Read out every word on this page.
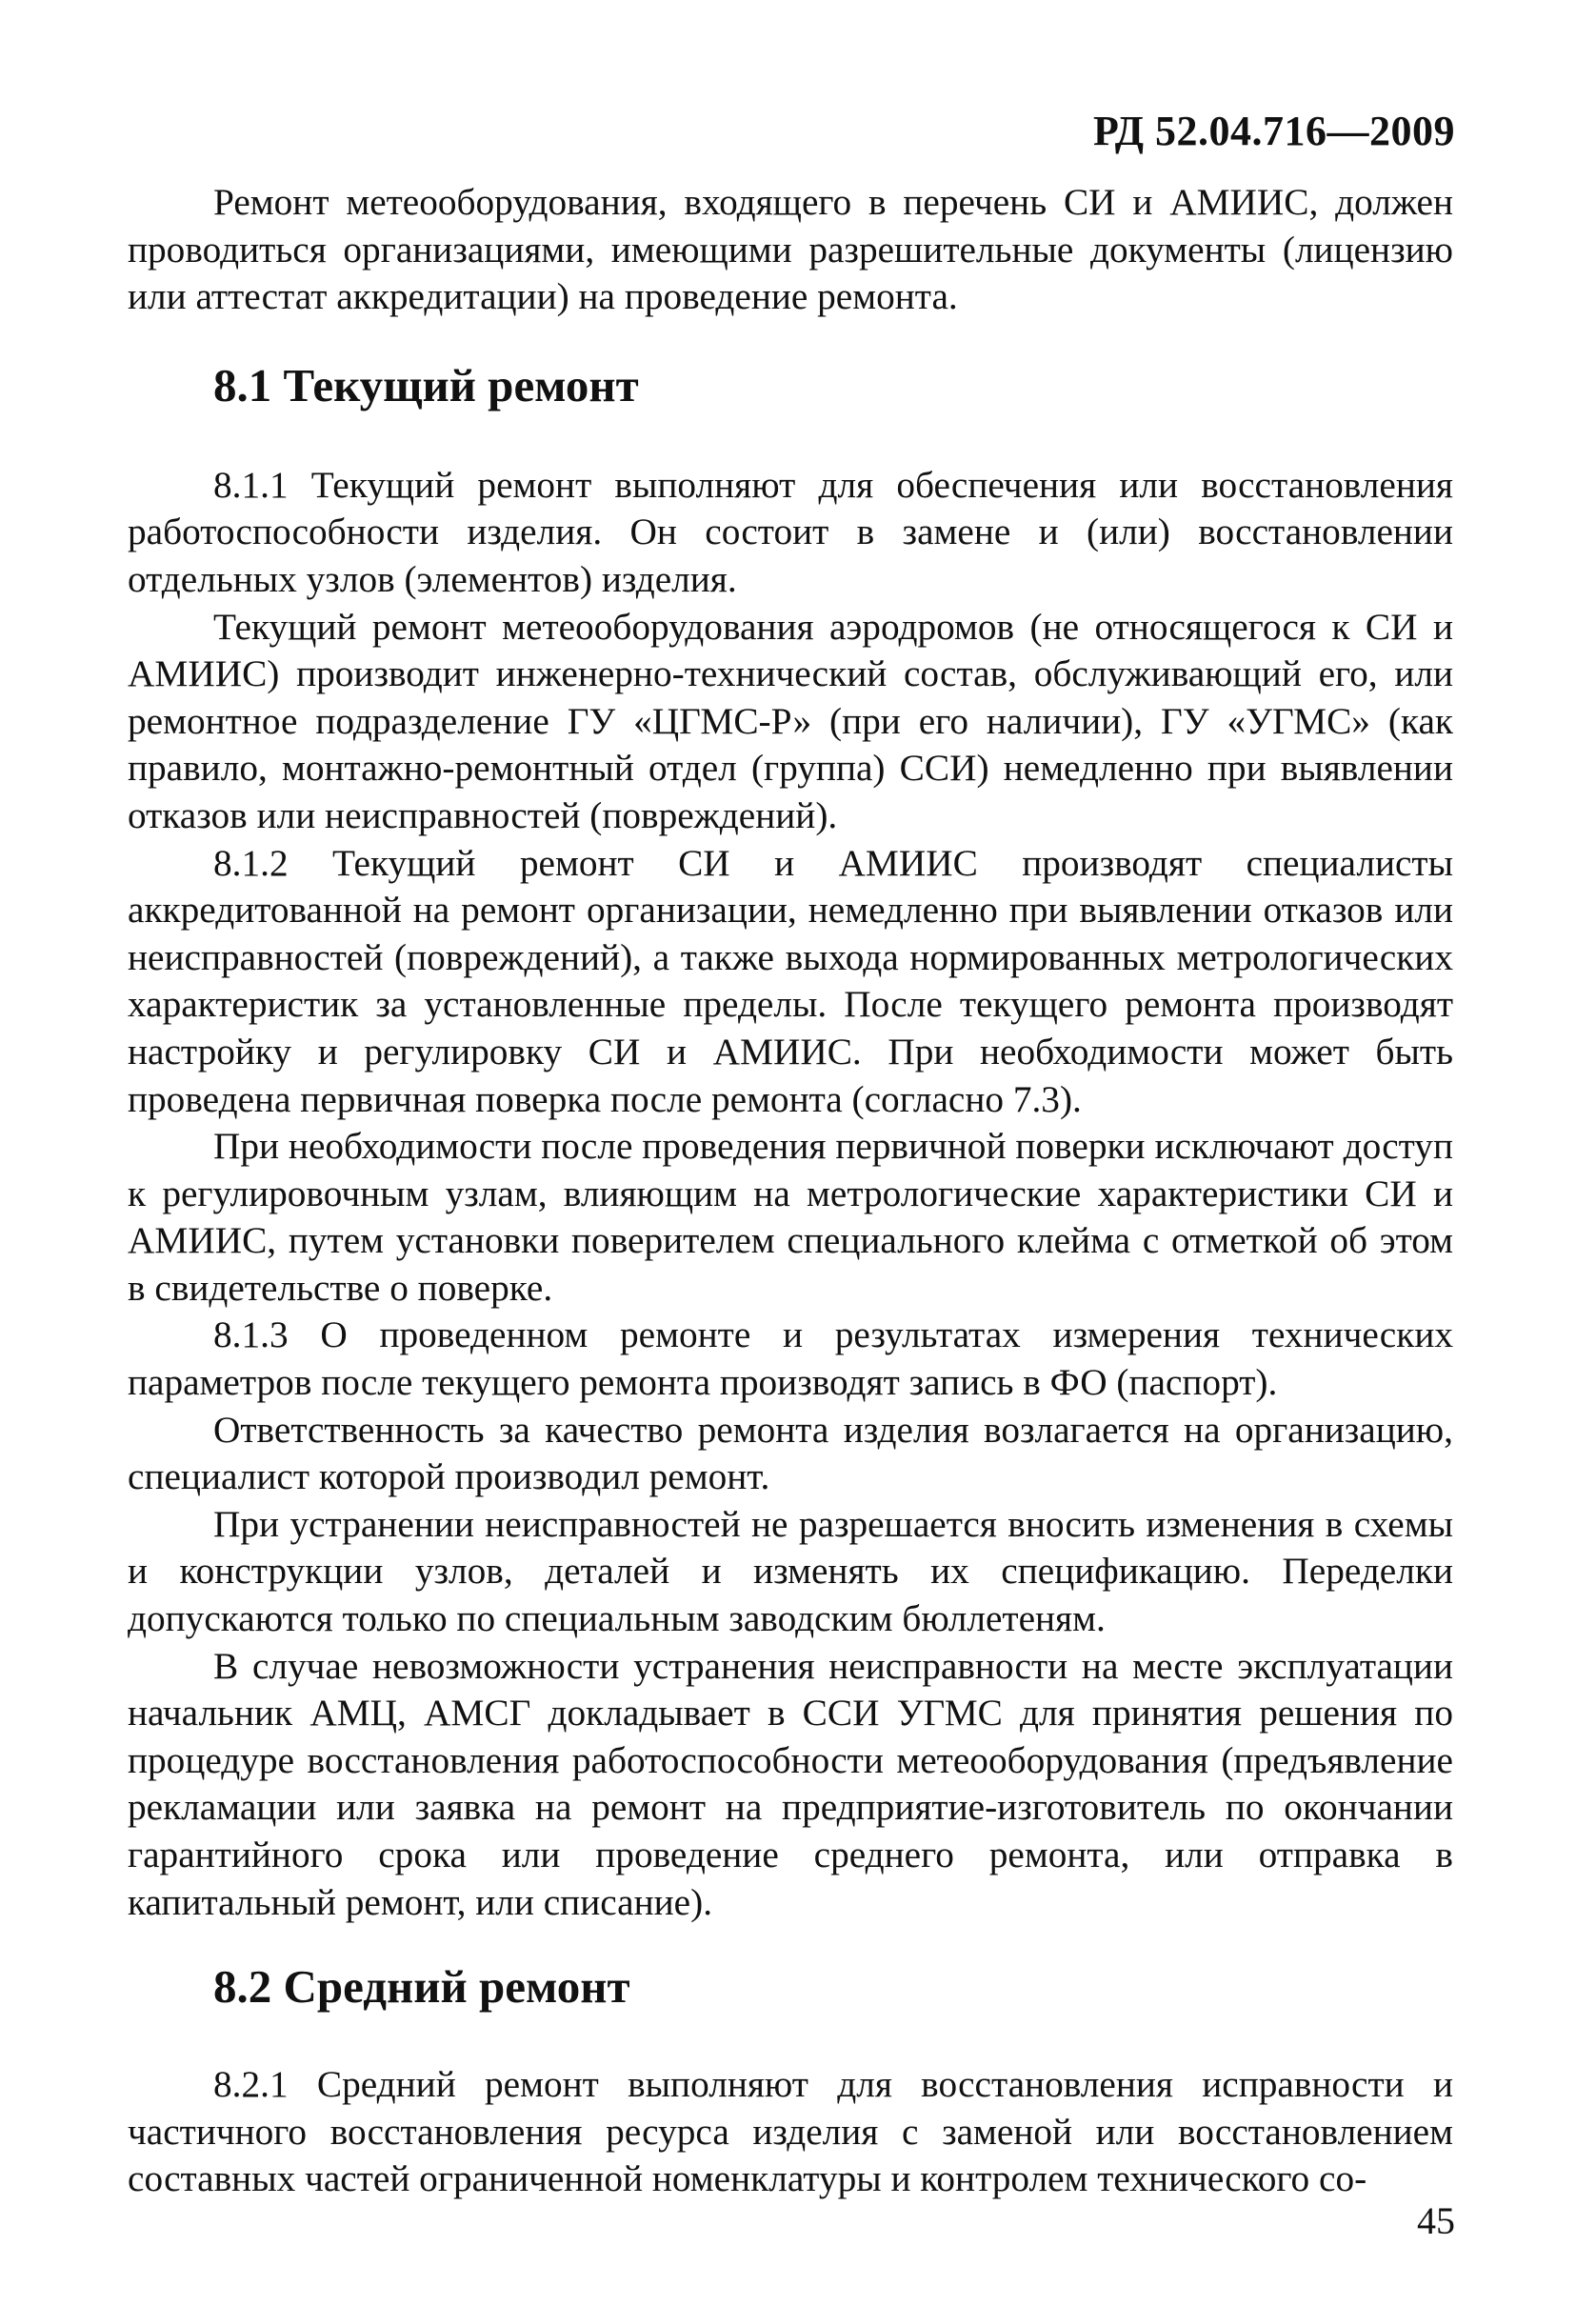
РД 52.04.716—2009

Ремонт метеооборудования, входящего в перечень СИ и АМИИС, должен проводиться организациями, имеющими разрешительные документы (лицензию или аттестат аккредитации) на проведение ремонта.

8.1 Текущий ремонт

8.1.1 Текущий ремонт выполняют для обеспечения или восстановления работоспособности изделия. Он состоит в замене и (или) восстановлении отдельных узлов (элементов) изделия.

Текущий ремонт метеооборудования аэродромов (не относящегося к СИ и АМИИС) производит инженерно-технический состав, обслуживающий его, или ремонтное подразделение ГУ «ЦГМС-Р» (при его наличии), ГУ «УГМС» (как правило, монтажно-ремонтный отдел (группа) ССИ) немедленно при выявлении отказов или неисправностей (повреждений).

8.1.2 Текущий ремонт СИ и АМИИС производят специалисты аккредитованной на ремонт организации, немедленно при выявлении отказов или неисправностей (повреждений), а также выхода нормированных метрологических характеристик за установленные пределы. После текущего ремонта производят настройку и регулировку СИ и АМИИС. При необходимости может быть проведена первичная поверка после ремонта (согласно 7.3).

При необходимости после проведения первичной поверки исключают доступ к регулировочным узлам, влияющим на метрологические характеристики СИ и АМИИС, путем установки поверителем специального клейма с отметкой об этом в свидетельстве о поверке.

8.1.3 О проведенном ремонте и результатах измерения технических параметров после текущего ремонта производят запись в ФО (паспорт).

Ответственность за качество ремонта изделия возлагается на организацию, специалист которой производил ремонт.

При устранении неисправностей не разрешается вносить изменения в схемы и конструкции узлов, деталей и изменять их спецификацию. Переделки допускаются только по специальным заводским бюллетеням.

В случае невозможности устранения неисправности на месте эксплуатации начальник АМЦ, АМСГ докладывает в ССИ УГМС для принятия решения по процедуре восстановления работоспособности метеооборудования (предъявление рекламации или заявка на ремонт на предприятие-изготовитель по окончании гарантийного срока или проведение среднего ремонта, или отправка в капитальный ремонт, или списание).

8.2 Средний ремонт

8.2.1 Средний ремонт выполняют для восстановления исправности и частичного восстановления ресурса изделия с заменой или восстановлением составных частей ограниченной номенклатуры и контролем технического со-

45
